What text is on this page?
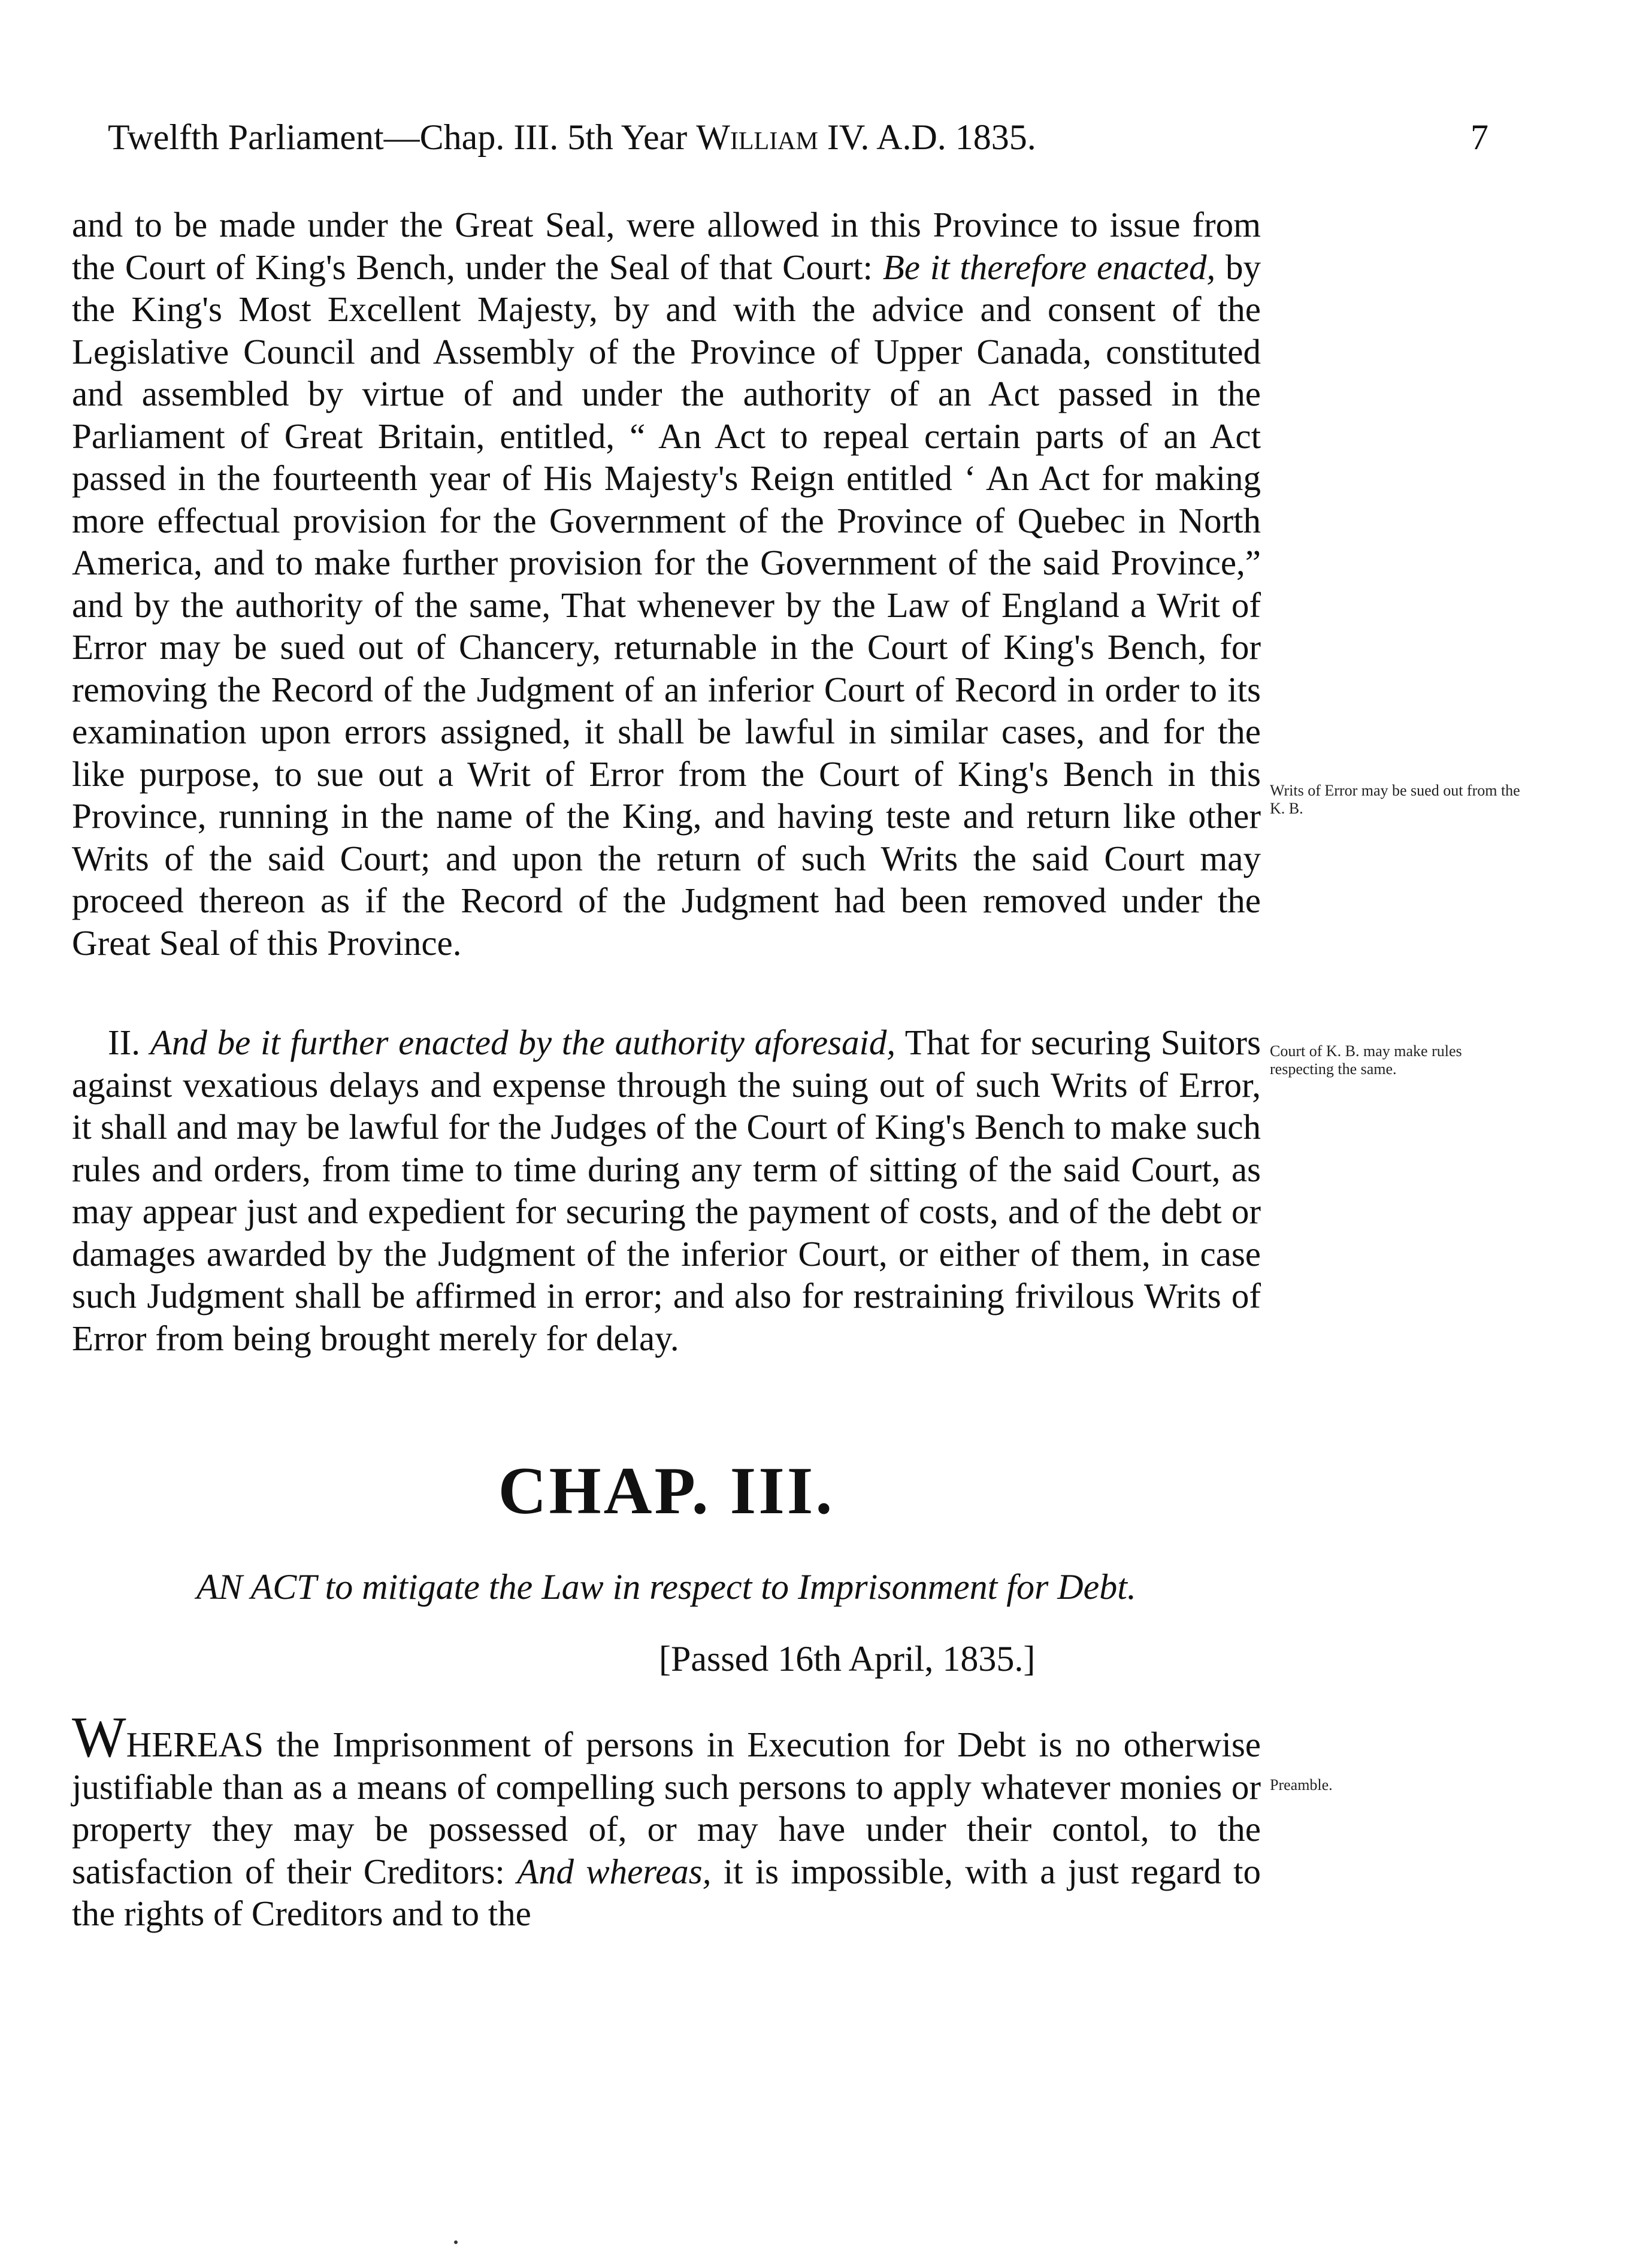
Twelfth Parliament—Chap. III. 5th Year William IV. A.D. 1835.	7
and to be made under the Great Seal, were allowed in this Province to issue from the Court of King's Bench, under the Seal of that Court: Be it therefore enacted, by the King's Most Excellent Majesty, by and with the advice and consent of the Legislative Council and Assembly of the Province of Upper Canada, constituted and assembled by virtue of and under the authority of an Act passed in the Parliament of Great Britain, entitled, “ An Act to repeal certain parts of an Act passed in the fourteenth year of His Majesty's Reign entitled ‘ An Act for making more effectual provision for the Government of the Province of Quebec in North America, and to make further provision for the Government of the said Province,” and by the authority of the same, That whenever by the Law of England a Writ of Error may be sued out of Chancery, returnable in the Court of King's Bench, for removing the Record of the Judgment of an inferior Court of Record in order to its examination upon errors assigned, it shall be lawful in similar cases, and for the like purpose, to sue out a Writ of Error from the Court of King's Bench in this Province, running in the name of the King, and having teste and return like other Writs of the said Court; and upon the return of such Writs the said Court may proceed thereon as if the Record of the Judgment had been removed under the Great Seal of this Province.
Writs of Error may be sued out from the K. B.
II. And be it further enacted by the authority aforesaid, That for securing Suitors against vexatious delays and expense through the suing out of such Writs of Error, it shall and may be lawful for the Judges of the Court of King's Bench to make such rules and orders, from time to time during any term of sitting of the said Court, as may appear just and expedient for securing the payment of costs, and of the debt or damages awarded by the Judgment of the inferior Court, or either of them, in case such Judgment shall be affirmed in error; and also for restraining frivilous Writs of Error from being brought merely for delay.
Court of K. B. may make rules respecting the same.
CHAP. III.
AN ACT to mitigate the Law in respect to Imprisonment for Debt.
[Passed 16th April, 1835.]
WHEREAS the Imprisonment of persons in Execution for Debt is no otherwise justifiable than as a means of compelling such persons to apply whatever monies or property they may be possessed of, or may have under their contol, to the satisfaction of their Creditors: And whereas, it is impossible, with a just regard to the rights of Creditors and to the
Preamble.
